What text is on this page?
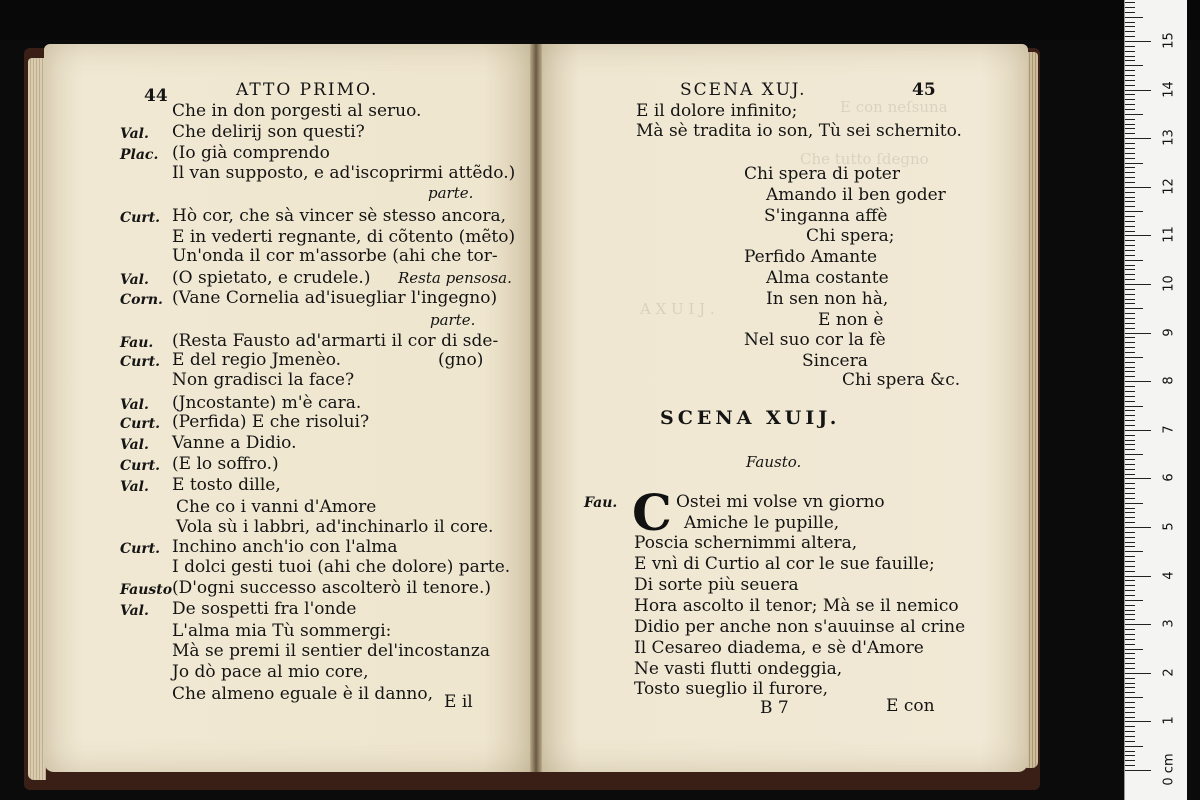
E con neſsuna
Che tutto ſdegno
A X U I J .
44	ATTO PRIMO.
Che in don porgesti al seruo.
Val. Che delirij son questi?
Plac. (Io già comprendo
Il van supposto, e ad'iscoprirmi attẽdo.)
parte.
Curt. Hò cor, che sà vincer sè stesso ancora,
E in vederti regnante, di cõtento (mẽto)
Un'onda il cor m'assorbe (ahi che tor-
Val. (O spietato, e crudele.) Resta pensosa.
Corn. (Vane Cornelia ad'isuegliar l'ingegno)
parte.
Fau. (Resta Fausto ad'armarti il cor di sde-
Curt. E del regio Jmenèo.	(gno)
Non gradisci la face?
Val. (Jncostante) m'è cara.
Curt. (Perfida) E che risolui?
Val. Vanne a Didio.
Curt. (E lo soffro.)
Val. E tosto dille,
Che co i vanni d'Amore
Vola sù i labbri, ad'inchinarlo il core.
Curt. Inchino anch'io con l'alma
I dolci gesti tuoi (ahi che dolore) parte.
Fausto (D'ogni successo ascolterò il tenore.)
Val. De sospetti fra l'onde
L'alma mia Tù sommergi:
Mà se premi il sentier del'incostanza
Jo dò pace al mio core,
Che almeno eguale è il danno, E il
SCENA XUJ.	45
E il dolore infinito;
Mà sè tradita io son, Tù sei schernito.
SCENA XUIJ.
Fausto.
Fau. C
B 7	E con
Chi spera di poter
Amando il ben goder
S'inganna affè
Chi spera;
Perfido Amante
Alma costante
In sen non hà,
E non è
Nel suo cor la fè
Sincera
Chi spera &c.
Ostei mi volse vn giorno
Amiche le pupille,
Poscia schernimmi altera,
E vnì di Curtio al cor le sue fauille;
Di sorte più seuera
Hora ascolto il tenor; Mà se il nemico
Didio per anche non s'auuinse al crine
Il Cesareo diadema, e sè d'Amore
Ne vasti flutti ondeggia,
Tosto sueglio il furore,
0 cm
1
2
3
4
5
6
7
8
9
10
11
12
13
14
15
